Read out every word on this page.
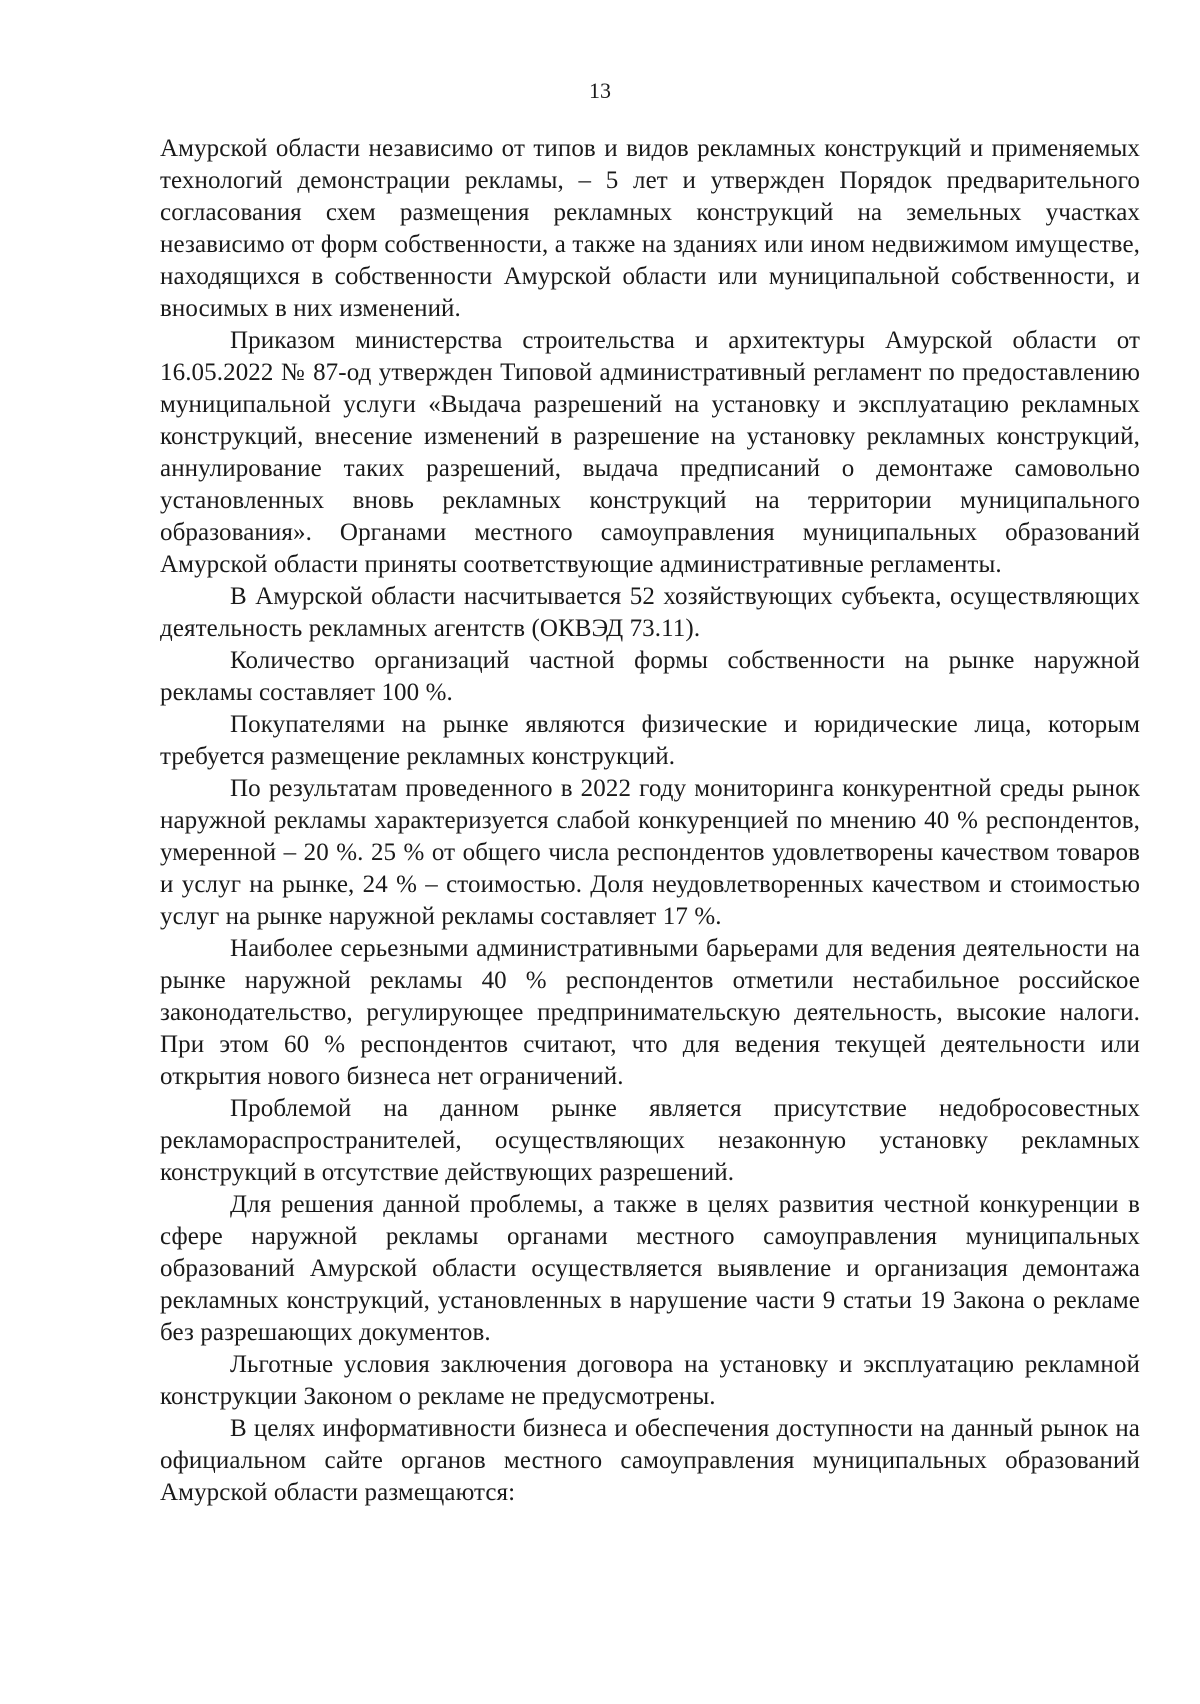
13

Амурской области независимо от типов и видов рекламных конструкций и применяемых технологий демонстрации рекламы, – 5 лет и утвержден Порядок предварительного согласования схем размещения рекламных конструкций на земельных участках независимо от форм собственности, а также на зданиях или ином недвижимом имуществе, находящихся в собственности Амурской области или муниципальной собственности, и вносимых в них изменений.

Приказом министерства строительства и архитектуры Амурской области от 16.05.2022 № 87-од утвержден Типовой административный регламент по предоставлению муниципальной услуги «Выдача разрешений на установку и эксплуатацию рекламных конструкций, внесение изменений в разрешение на установку рекламных конструкций, аннулирование таких разрешений, выдача предписаний о демонтаже самовольно установленных вновь рекламных конструкций на территории муниципального образования». Органами местного самоуправления муниципальных образований Амурской области приняты соответствующие административные регламенты.

В Амурской области насчитывается 52 хозяйствующих субъекта, осуществляющих деятельность рекламных агентств (ОКВЭД 73.11).

Количество организаций частной формы собственности на рынке наружной рекламы составляет 100 %.

Покупателями на рынке являются физические и юридические лица, которым требуется размещение рекламных конструкций.

По результатам проведенного в 2022 году мониторинга конкурентной среды рынок наружной рекламы характеризуется слабой конкуренцией по мнению 40 % респондентов, умеренной – 20 %. 25 % от общего числа респондентов удовлетворены качеством товаров и услуг на рынке, 24 % – стоимостью. Доля неудовлетворенных качеством и стоимостью услуг на рынке наружной рекламы составляет 17 %.

Наиболее серьезными административными барьерами для ведения деятельности на рынке наружной рекламы 40 % респондентов отметили нестабильное российское законодательство, регулирующее предпринимательскую деятельность, высокие налоги. При этом 60 % респондентов считают, что для ведения текущей деятельности или открытия нового бизнеса нет ограничений.

Проблемой на данном рынке является присутствие недобросовестных рекламораспространителей, осуществляющих незаконную установку рекламных конструкций в отсутствие действующих разрешений.

Для решения данной проблемы, а также в целях развития честной конкуренции в сфере наружной рекламы органами местного самоуправления муниципальных образований Амурской области осуществляется выявление и организация демонтажа рекламных конструкций, установленных в нарушение части 9 статьи 19 Закона о рекламе без разрешающих документов.

Льготные условия заключения договора на установку и эксплуатацию рекламной конструкции Законом о рекламе не предусмотрены.

В целях информативности бизнеса и обеспечения доступности на данный рынок на официальном сайте органов местного самоуправления муниципальных образований Амурской области размещаются:
